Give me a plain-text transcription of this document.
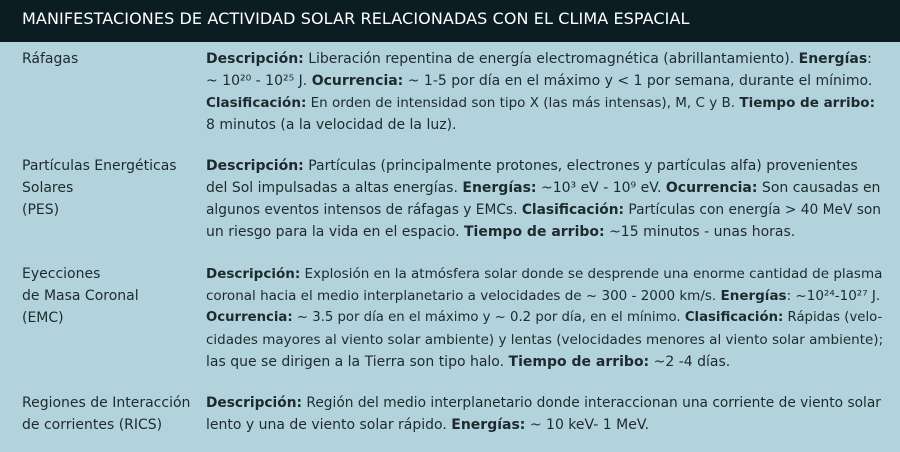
MANIFESTACIONES DE ACTIVIDAD SOLAR RELACIONADAS CON EL CLIMA ESPACIAL
Ráfagas	Descripción: Liberación repentina de energía electromagnética (abrillantamiento). Energías:
~ 10²⁰ - 10²⁵ J. Ocurrencia: ~ 1-5 por día en el máximo y < 1 por semana, durante el mínimo.
Clasificación: En orden de intensidad son tipo X (las más intensas), M, C y B. Tiempo de arribo:
8 minutos (a la velocidad de la luz).
Partículas Energéticas
Solares
(PES)
Descripción: Partículas (principalmente protones, electrones y partículas alfa) provenientes
del Sol impulsadas a altas energías. Energías: ~10³ eV - 10⁹ eV. Ocurrencia: Son causadas en
algunos eventos intensos de ráfagas y EMCs. Clasificación: Partículas con energía > 40 MeV son
un riesgo para la vida en el espacio. Tiempo de arribo: ~15 minutos - unas horas.
Eyecciones
de Masa Coronal
(EMC)
Descripción: Explosión en la atmósfera solar donde se desprende una enorme cantidad de plasma
coronal hacia el medio interplanetario a velocidades de ~ 300 - 2000 km/s. Energías: ~10²⁴-10²⁷ J.
Ocurrencia: ~ 3.5 por día en el máximo y ~ 0.2 por día, en el mínimo. Clasificación: Rápidas (velo-
cidades mayores al viento solar ambiente) y lentas (velocidades menores al viento solar ambiente);
las que se dirigen a la Tierra son tipo halo. Tiempo de arribo: ~2 -4 días.
Regiones de Interacción
de corrientes (RICS)
Descripción: Región del medio interplanetario donde interaccionan una corriente de viento solar
lento y una de viento solar rápido. Energías: ~ 10 keV- 1 MeV.
